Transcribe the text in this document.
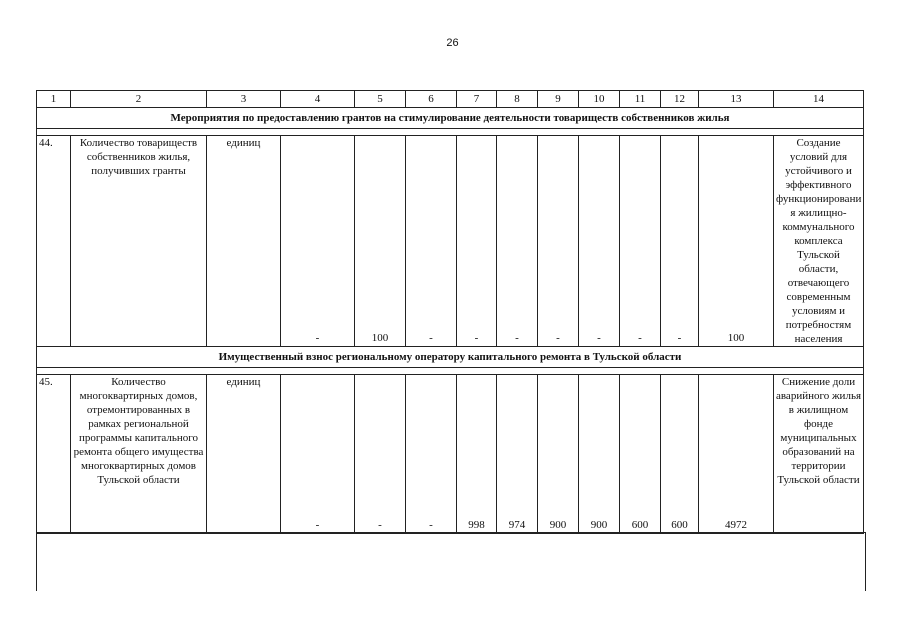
26
1	2	3	4	5	6	7	8	9	10	11	12	13	14
Мероприятия по предоставлению грантов на стимулирование деятельности товариществ собственников жилья													

44.	Количество товариществ собственников жилья, получивших гранты	единиц	-	100	-	-	-	-	-	-	-	100	Создание условий для устойчивого и эффективного функционировани я жилищно-коммунального комплекса Тульской области, отвечающего современным условиям и потребностям населения
Имущественный взнос региональному оператору капитального ремонта в Тульской области													

45.	Количество многоквартирных домов, отремонтированных в рамках региональной программы капитального ремонта общего имущества многоквартирных домов Тульской области	единиц	-	-	-	998	974	900	900	600	600	4972	Снижение доли аварийного жилья в жилищном фонде муниципальных образований на территории Тульской области
